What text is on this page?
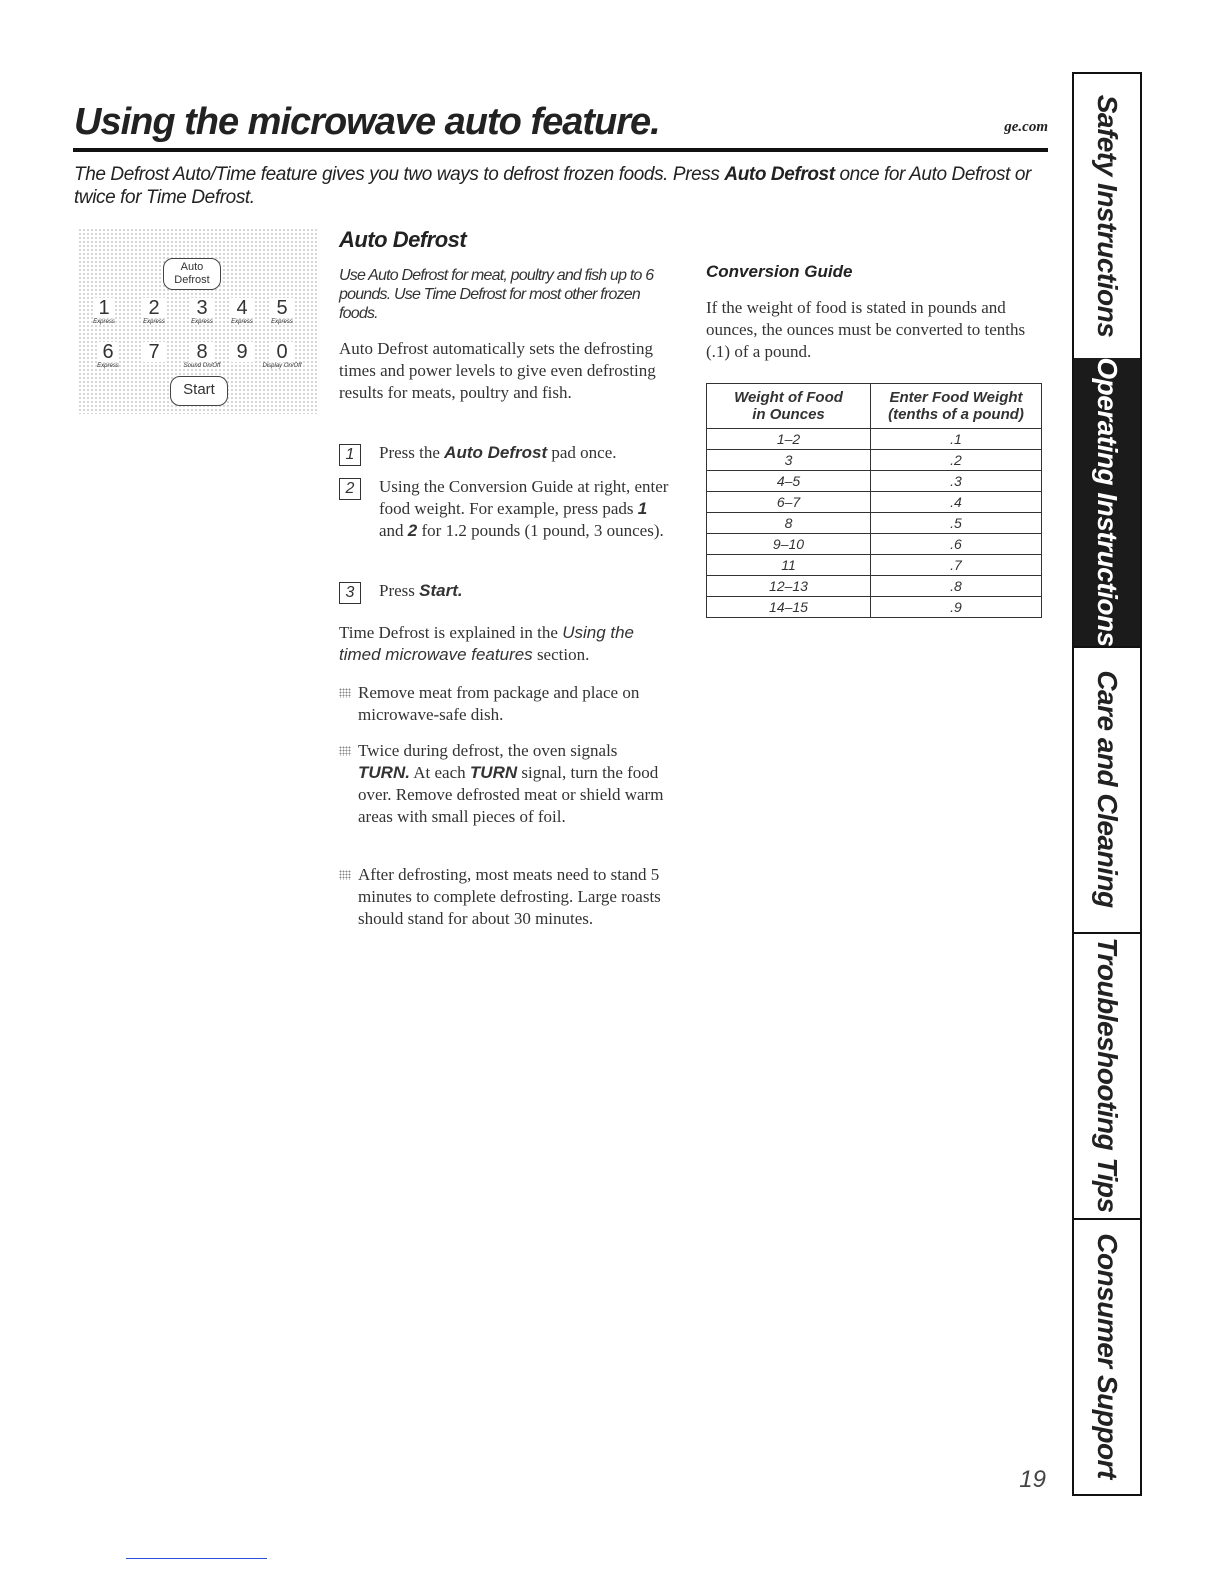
Using the microwave auto feature.	ge.com
The Defrost Auto/Time feature gives you two ways to defrost frozen foods. Press Auto Defrost once for Auto Defrost or twice for Time Defrost.
Auto
Defrost
1
Express
2
Express
3
Express
4
Express
5
Express
6
Express
7 8
Sound On/Off
9 0
Display On/Off
Start
Auto Defrost
Use Auto Defrost for meat, poultry and fish up to 6 pounds. Use Time Defrost for most other frozen foods.
Auto Defrost automatically sets the defrosting times and power levels to give even defrosting results for meats, poultry and fish.
1	Press the Auto Defrost pad once.
2	Using the Conversion Guide at right, enter food weight. For example, press pads 1 and 2 for 1.2 pounds (1 pound, 3 ounces).
3	Press Start.
Time Defrost is explained in the Using the timed microwave features section.
Remove meat from package and place on microwave-safe dish.
Twice during defrost, the oven signals TURN. At each TURN signal, turn the food over. Remove defrosted meat or shield warm areas with small pieces of foil.
After defrosting, most meats need to stand 5 minutes to complete defrosting. Large roasts should stand for about 30 minutes.
Conversion Guide
If the weight of food is stated in pounds and ounces, the ounces must be converted to tenths (.1) of a pound.
Weight of Food
in Ounces	Enter Food Weight
(tenths of a pound)
1–2	.1
3	.2
4–5	.3
6–7	.4
8	.5
9–10	.6
11	.7
12–13	.8
14–15	.9
Safety Instructions
Operating Instructions
Care and Cleaning
Troubleshooting Tips
Consumer Support
19
